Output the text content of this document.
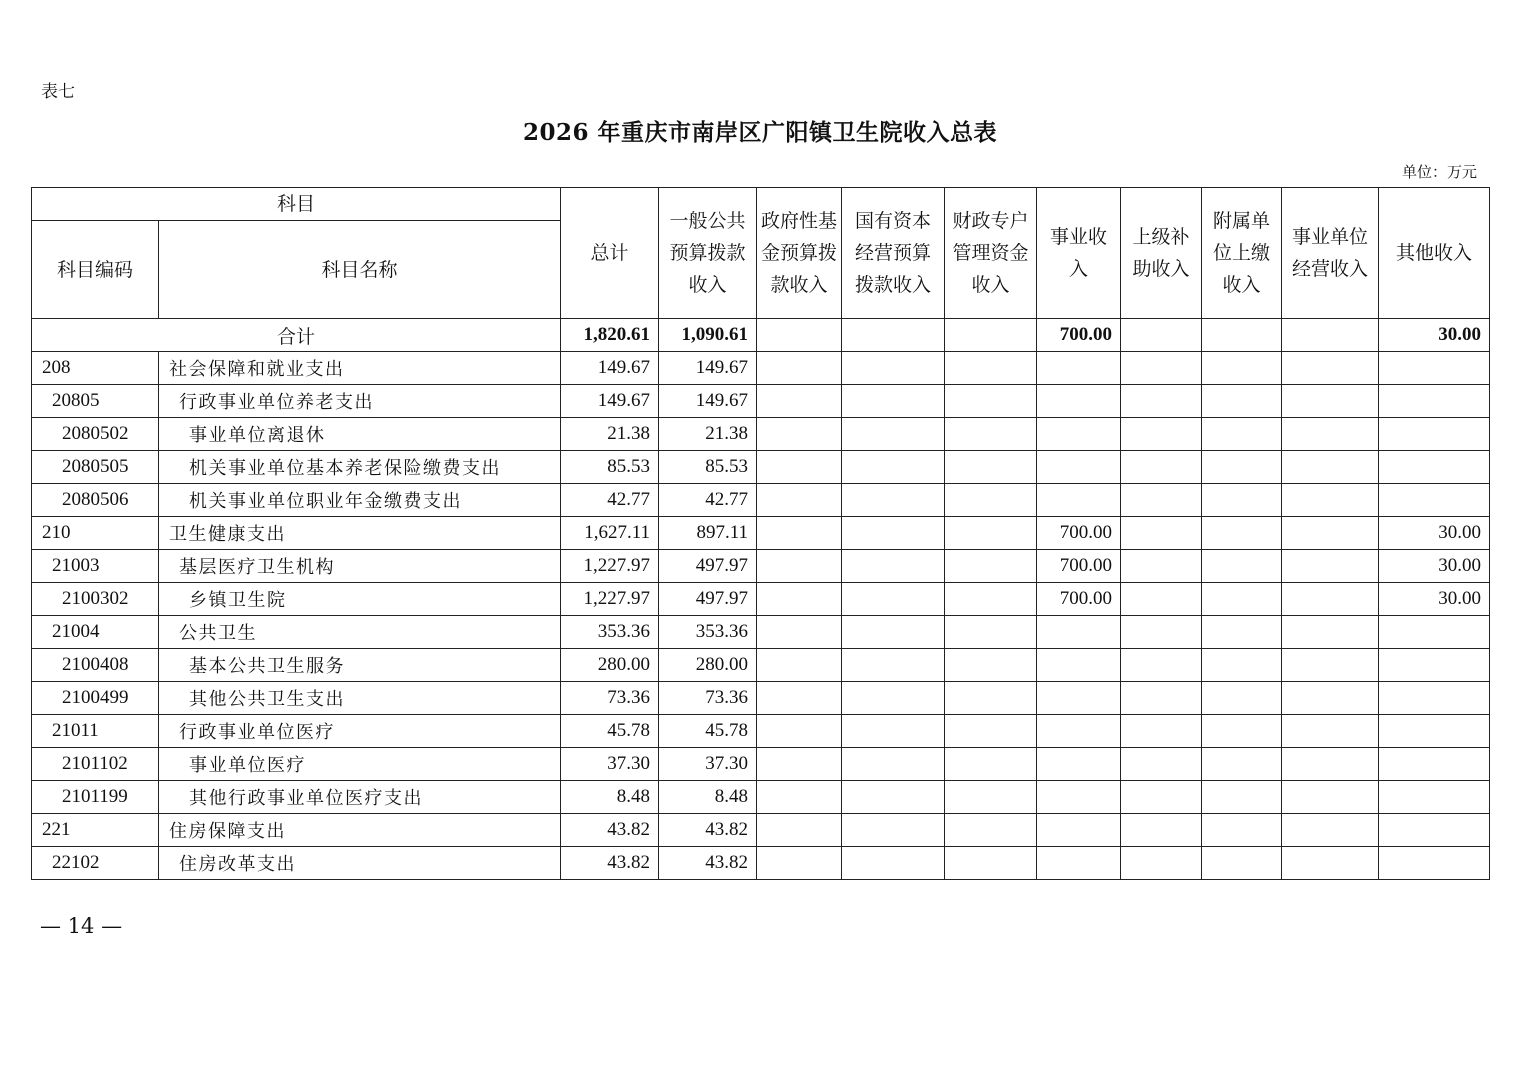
表七
2026 年重庆市南岸区广阳镇卫生院收入总表
单位：万元
科目		总计	一般公共预算拨款收入	政府性基金预算拨款收入	国有资本经营预算拨款收入	财政专户管理资金收入	事业收入	上级补助收入	附属单位上缴收入	事业单位经营收入	其他收入
科目编码	科目名称										
合计		1,820.61	1,090.61				700.00				30.00
208	社会保障和就业支出	149.67	149.67								
20805	行政事业单位养老支出	149.67	149.67								
2080502	事业单位离退休	21.38	21.38								
2080505	机关事业单位基本养老保险缴费支出	85.53	85.53								
2080506	机关事业单位职业年金缴费支出	42.77	42.77								
210	卫生健康支出	1,627.11	897.11				700.00				30.00
21003	基层医疗卫生机构	1,227.97	497.97				700.00				30.00
2100302	乡镇卫生院	1,227.97	497.97				700.00				30.00
21004	公共卫生	353.36	353.36								
2100408	基本公共卫生服务	280.00	280.00								
2100499	其他公共卫生支出	73.36	73.36								
21011	行政事业单位医疗	45.78	45.78								
2101102	事业单位医疗	37.30	37.30								
2101199	其他行政事业单位医疗支出	8.48	8.48								
221	住房保障支出	43.82	43.82								
22102	住房改革支出	43.82	43.82								
— 14 —
